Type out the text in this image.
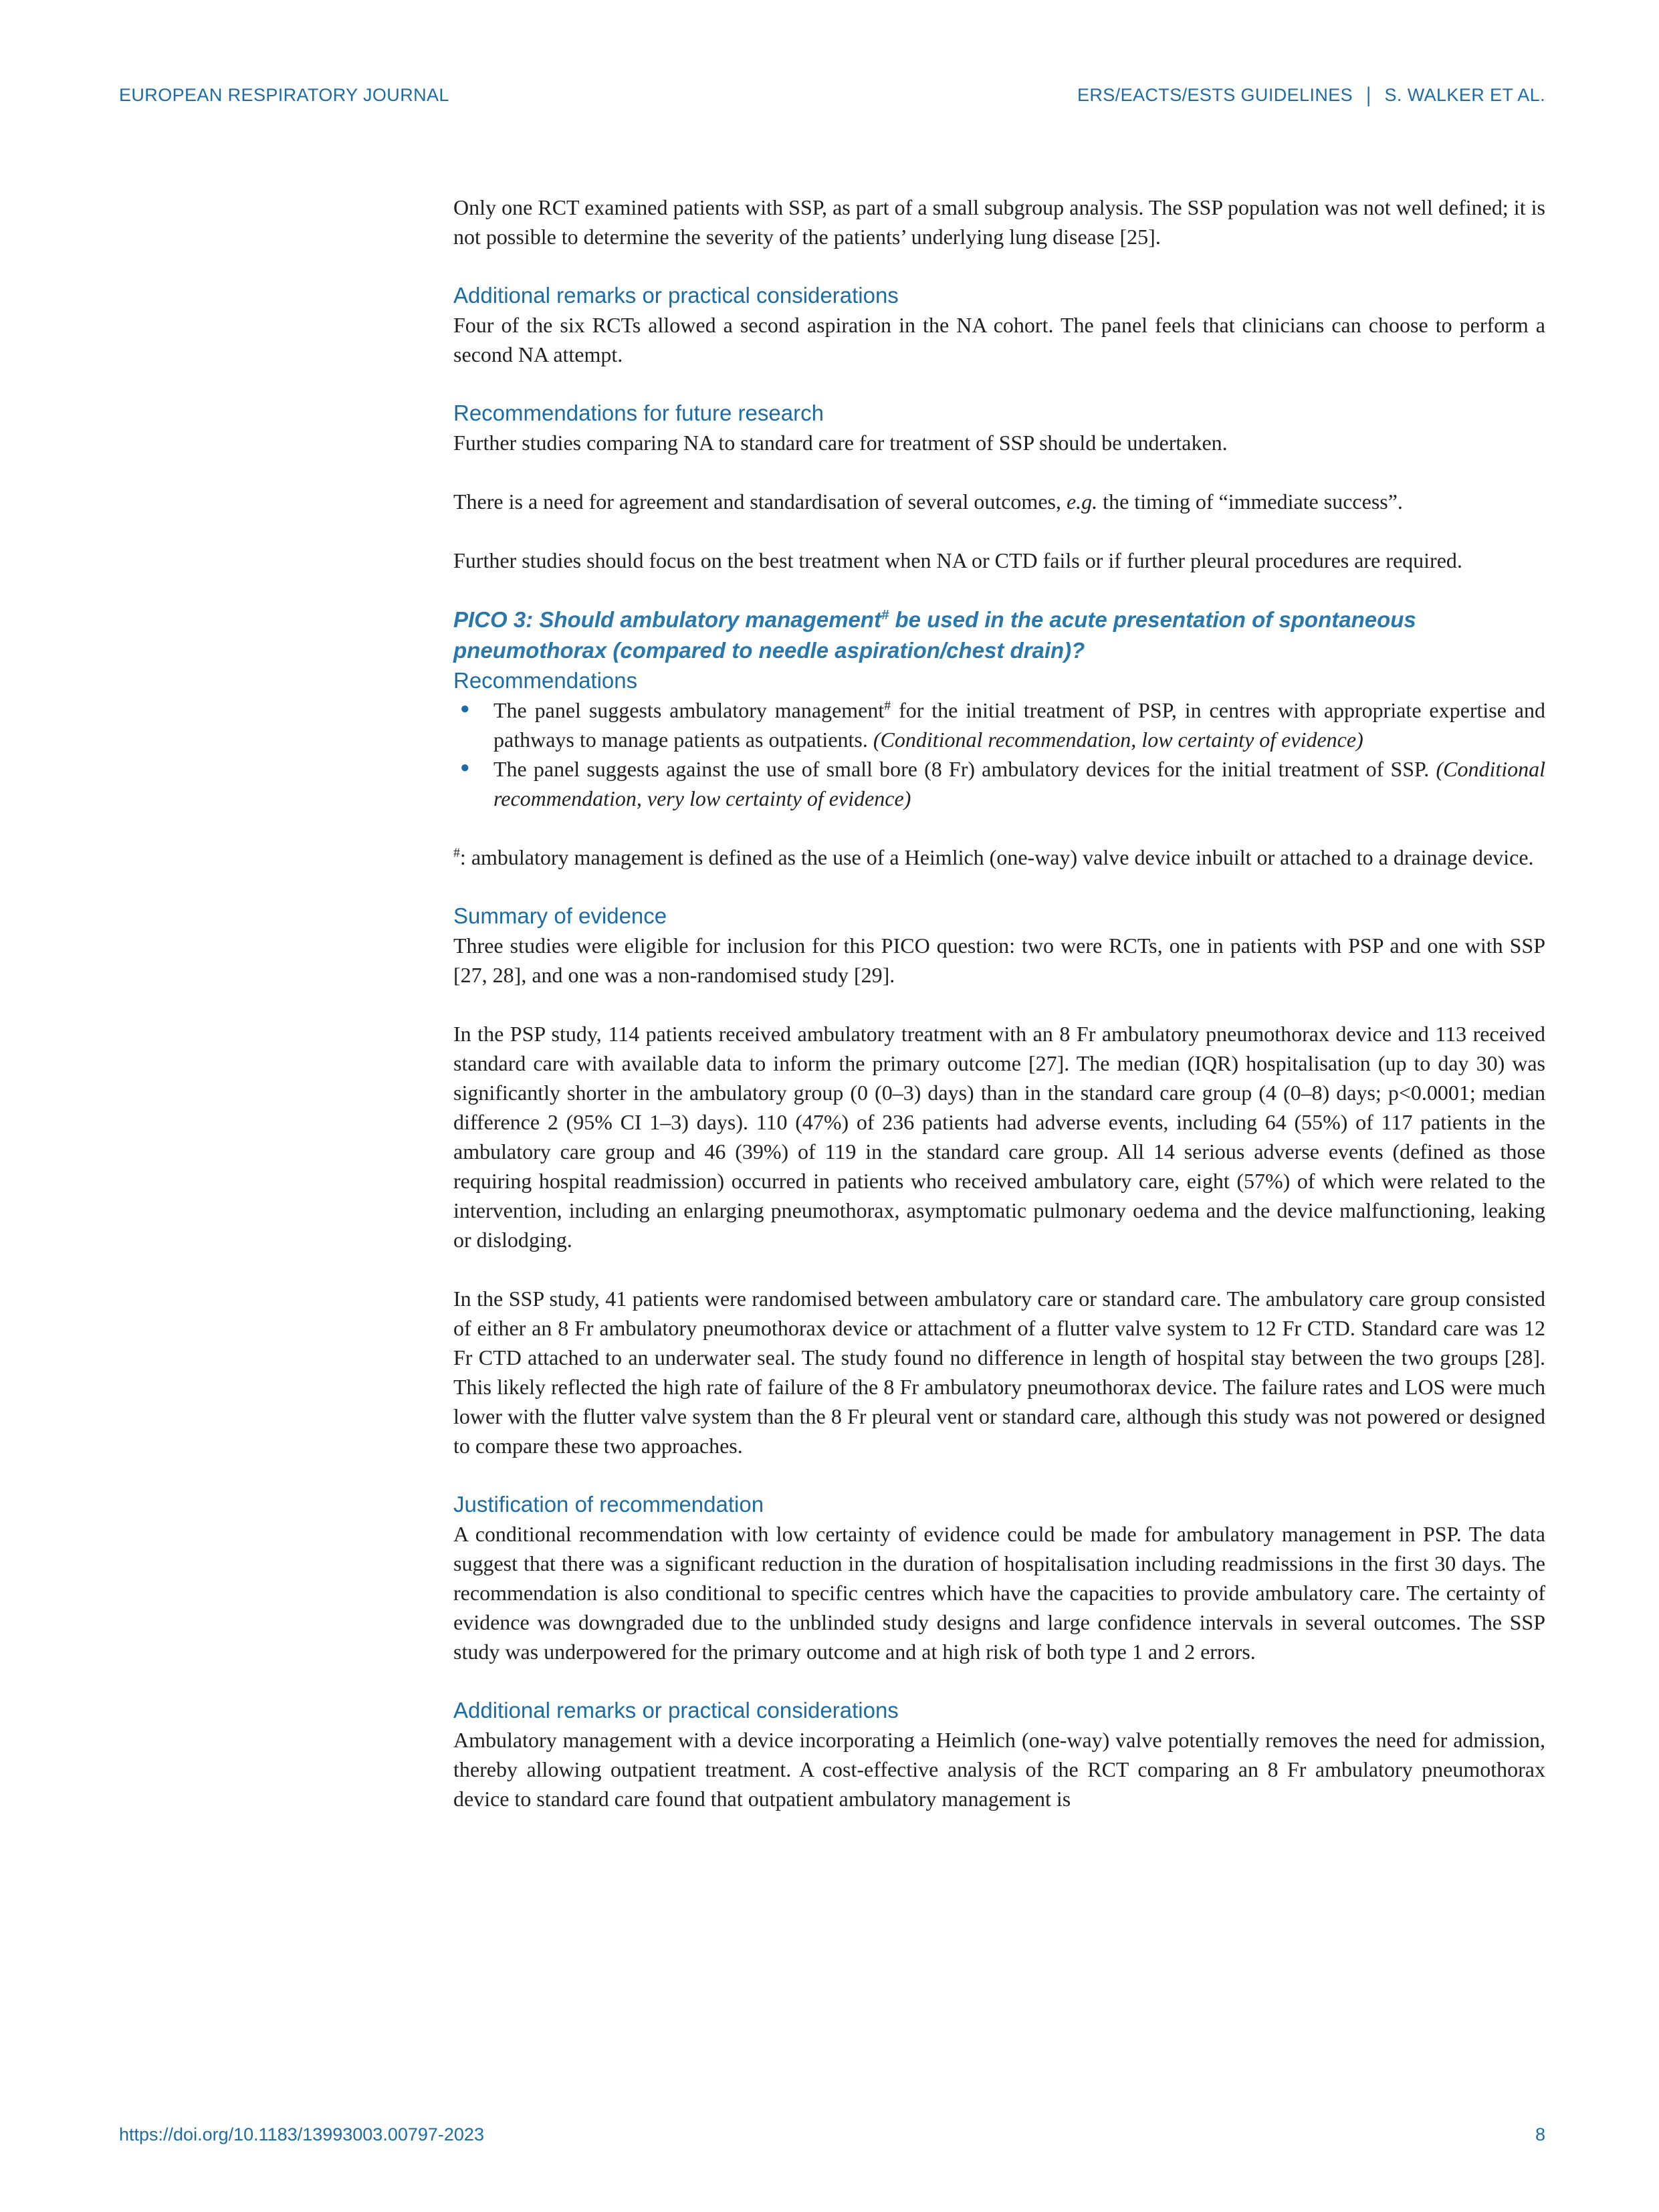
EUROPEAN RESPIRATORY JOURNAL	ERS/EACTS/ESTS GUIDELINES | S. WALKER ET AL.

Only one RCT examined patients with SSP, as part of a small subgroup analysis. The SSP population was not well defined; it is not possible to determine the severity of the patients’ underlying lung disease [25].

Additional remarks or practical considerations

Four of the six RCTs allowed a second aspiration in the NA cohort. The panel feels that clinicians can choose to perform a second NA attempt.

Recommendations for future research

Further studies comparing NA to standard care for treatment of SSP should be undertaken.

There is a need for agreement and standardisation of several outcomes, e.g. the timing of “immediate success”.

Further studies should focus on the best treatment when NA or CTD fails or if further pleural procedures are required.

PICO 3: Should ambulatory management# be used in the acute presentation of spontaneous pneumothorax (compared to needle aspiration/chest drain)?
Recommendations
● The panel suggests ambulatory management# for the initial treatment of PSP, in centres with appropriate expertise and pathways to manage patients as outpatients. (Conditional recommendation, low certainty of evidence)
● The panel suggests against the use of small bore (8 Fr) ambulatory devices for the initial treatment of SSP. (Conditional recommendation, very low certainty of evidence)

#: ambulatory management is defined as the use of a Heimlich (one-way) valve device inbuilt or attached to a drainage device.

Summary of evidence

Three studies were eligible for inclusion for this PICO question: two were RCTs, one in patients with PSP and one with SSP [27, 28], and one was a non-randomised study [29].

In the PSP study, 114 patients received ambulatory treatment with an 8 Fr ambulatory pneumothorax device and 113 received standard care with available data to inform the primary outcome [27]. The median (IQR) hospitalisation (up to day 30) was significantly shorter in the ambulatory group (0 (0–3) days) than in the standard care group (4 (0–8) days; p<0.0001; median difference 2 (95% CI 1–3) days). 110 (47%) of 236 patients had adverse events, including 64 (55%) of 117 patients in the ambulatory care group and 46 (39%) of 119 in the standard care group. All 14 serious adverse events (defined as those requiring hospital readmission) occurred in patients who received ambulatory care, eight (57%) of which were related to the intervention, including an enlarging pneumothorax, asymptomatic pulmonary oedema and the device malfunctioning, leaking or dislodging.

In the SSP study, 41 patients were randomised between ambulatory care or standard care. The ambulatory care group consisted of either an 8 Fr ambulatory pneumothorax device or attachment of a flutter valve system to 12 Fr CTD. Standard care was 12 Fr CTD attached to an underwater seal. The study found no difference in length of hospital stay between the two groups [28]. This likely reflected the high rate of failure of the 8 Fr ambulatory pneumothorax device. The failure rates and LOS were much lower with the flutter valve system than the 8 Fr pleural vent or standard care, although this study was not powered or designed to compare these two approaches.

Justification of recommendation

A conditional recommendation with low certainty of evidence could be made for ambulatory management in PSP. The data suggest that there was a significant reduction in the duration of hospitalisation including readmissions in the first 30 days. The recommendation is also conditional to specific centres which have the capacities to provide ambulatory care. The certainty of evidence was downgraded due to the unblinded study designs and large confidence intervals in several outcomes. The SSP study was underpowered for the primary outcome and at high risk of both type 1 and 2 errors.

Additional remarks or practical considerations

Ambulatory management with a device incorporating a Heimlich (one-way) valve potentially removes the need for admission, thereby allowing outpatient treatment. A cost-effective analysis of the RCT comparing an 8 Fr ambulatory pneumothorax device to standard care found that outpatient ambulatory management is

https://doi.org/10.1183/13993003.00797-2023	8
